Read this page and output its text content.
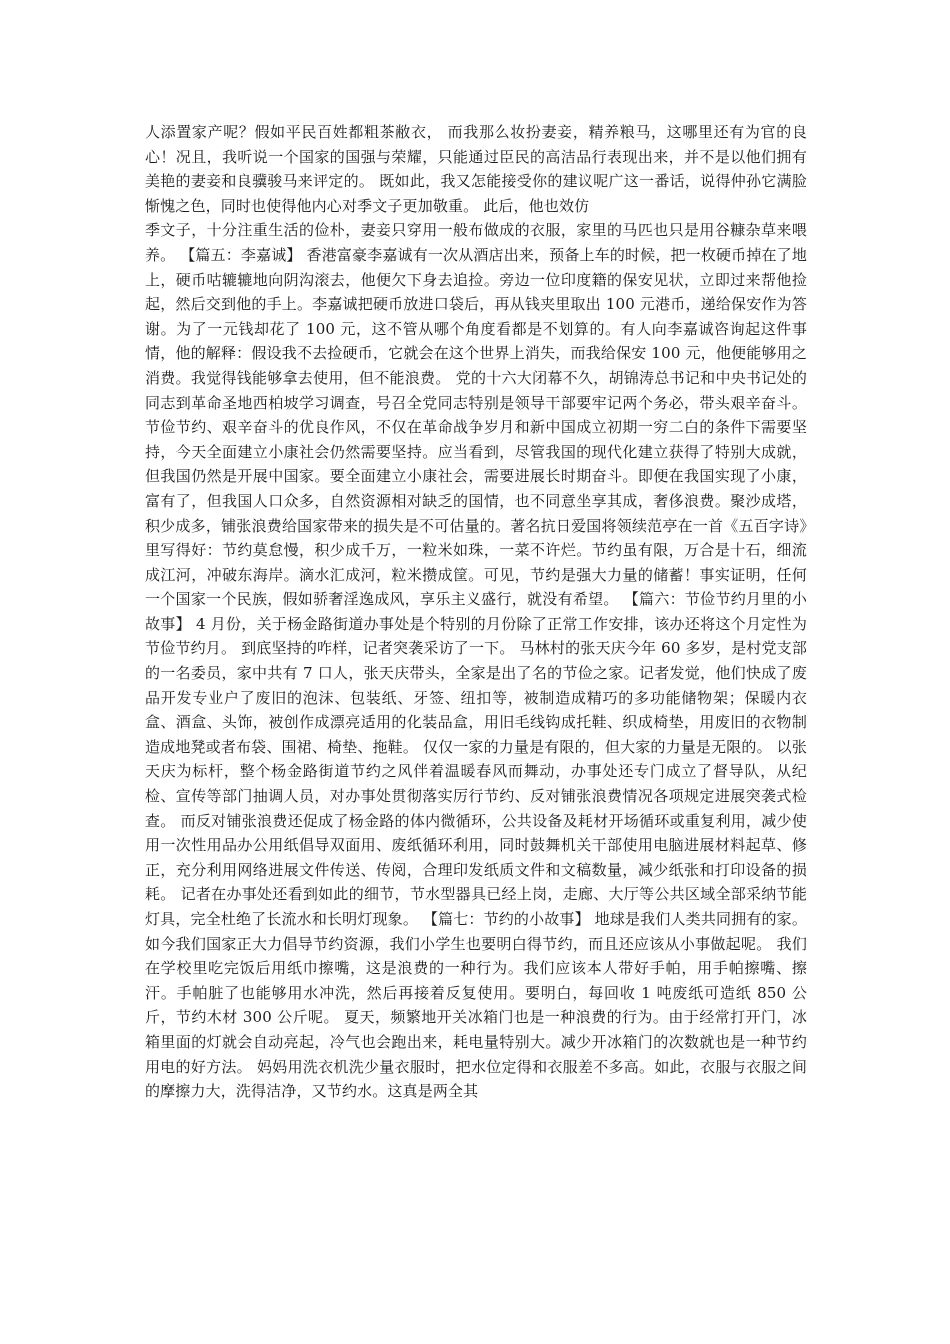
人添置家产呢？假如平民百姓都粗茶敝衣， 而我那么妆扮妻妾，精养粮马，这哪里还有为官的良心！况且，我听说一个国家的国强与荣耀，只能通过臣民的高洁品行表现出来，并不是以他们拥有美艳的妻妾和良骥骏马来评定的。 既如此，我又怎能接受你的建议呢广这一番话，说得仲孙它满脸惭愧之色，同时也使得他内心对季文子更加敬重。 此后，他也效仿

季文子，十分注重生活的俭朴，妻妾只穿用一般布做成的衣服，家里的马匹也只是用谷糠杂草来喂养。 【篇五：李嘉诚】 香港富豪李嘉诚有一次从酒店出来，预备上车的时候，把一枚硬币掉在了地上，硬币咕辘辘地向阴沟滚去，他便欠下身去追捡。旁边一位印度籍的保安见状，立即过来帮他捡起，然后交到他的手上。李嘉诚把硬币放进口袋后，再从钱夹里取出 100 元港币，递给保安作为答谢。为了一元钱却花了 100 元，这不管从哪个角度看都是不划算的。有人向李嘉诚咨询起这件事情，他的解释：假设我不去捡硬币，它就会在这个世界上消失，而我给保安 100 元，他便能够用之消费。我觉得钱能够拿去使用，但不能浪费。 党的十六大闭幕不久，胡锦涛总书记和中央书记处的同志到革命圣地西柏坡学习调查，号召全党同志特别是领导干部要牢记两个务必，带头艰辛奋斗。节俭节约、艰辛奋斗的优良作风，不仅在革命战争岁月和新中国成立初期一穷二白的条件下需要坚持，今天全面建立小康社会仍然需要坚持。应当看到，尽管我国的现代化建立获得了特别大成就，但我国仍然是开展中国家。要全面建立小康社会，需要进展长时期奋斗。即便在我国实现了小康，富有了，但我国人口众多，自然资源相对缺乏的国情，也不同意坐享其成，奢侈浪费。聚沙成塔，积少成多，铺张浪费给国家带来的损失是不可估量的。著名抗日爱国将领续范亭在一首《五百字诗》里写得好：节约莫怠慢，积少成千万，一粒米如珠，一菜不许烂。节约虽有限，万合是十石，细流成江河，冲破东海岸。滴水汇成河，粒米攒成筐。可见，节约是强大力量的储蓄！事实证明，任何一个国家一个民族，假如骄奢淫逸成风，享乐主义盛行，就没有希望。 【篇六：节俭节约月里的小故事】 4 月份，关于杨金路街道办事处是个特别的月份除了正常工作安排，该办还将这个月定性为节俭节约月。 到底坚持的咋样，记者突袭采访了一下。 马林村的张天庆今年 60 多岁，是村党支部的一名委员，家中共有 7 口人，张天庆带头，全家是出了名的节俭之家。记者发觉，他们快成了废品开发专业户了废旧的泡沫、包装纸、牙签、纽扣等，被制造成精巧的多功能储物架；保暖内衣盒、酒盒、头饰，被创作成漂亮适用的化装品盒，用旧毛线钩成托鞋、织成椅垫，用废旧的衣物制造成地凳或者布袋、围裙、椅垫、拖鞋。 仅仅一家的力量是有限的，但大家的力量是无限的。 以张天庆为标杆，整个杨金路街道节约之风伴着温暖春风而舞动，办事处还专门成立了督导队，从纪检、宣传等部门抽调人员，对办事处贯彻落实厉行节约、反对铺张浪费情况各项规定进展突袭式检查。 而反对铺张浪费还促成了杨金路的体内微循环，公共设备及耗材开场循环或重复利用，减少使用一次性用品办公用纸倡导双面用、废纸循环利用，同时鼓舞机关干部使用电脑进展材料起草、修正，充分利用网络进展文件传送、传阅，合理印发纸质文件和文稿数量，减少纸张和打印设备的损耗。 记者在办事处还看到如此的细节，节水型器具已经上岗，走廊、大厅等公共区域全部采纳节能灯具，完全杜绝了长流水和长明灯现象。 【篇七：节约的小故事】 地球是我们人类共同拥有的家。如今我们国家正大力倡导节约资源，我们小学生也要明白得节约，而且还应该从小事做起呢。 我们在学校里吃完饭后用纸巾擦嘴，这是浪费的一种行为。我们应该本人带好手帕，用手帕擦嘴、擦汗。手帕脏了也能够用水冲洗，然后再接着反复使用。要明白，每回收 1 吨废纸可造纸 850 公斤，节约木材 300 公斤呢。 夏天，频繁地开关冰箱门也是一种浪费的行为。由于经常打开门，冰箱里面的灯就会自动亮起，冷气也会跑出来，耗电量特别大。减少开冰箱门的次数就也是一种节约用电的好方法。 妈妈用洗衣机洗少量衣服时，把水位定得和衣服差不多高。如此，衣服与衣服之间的摩擦力大，洗得洁净，又节约水。这真是两全其
